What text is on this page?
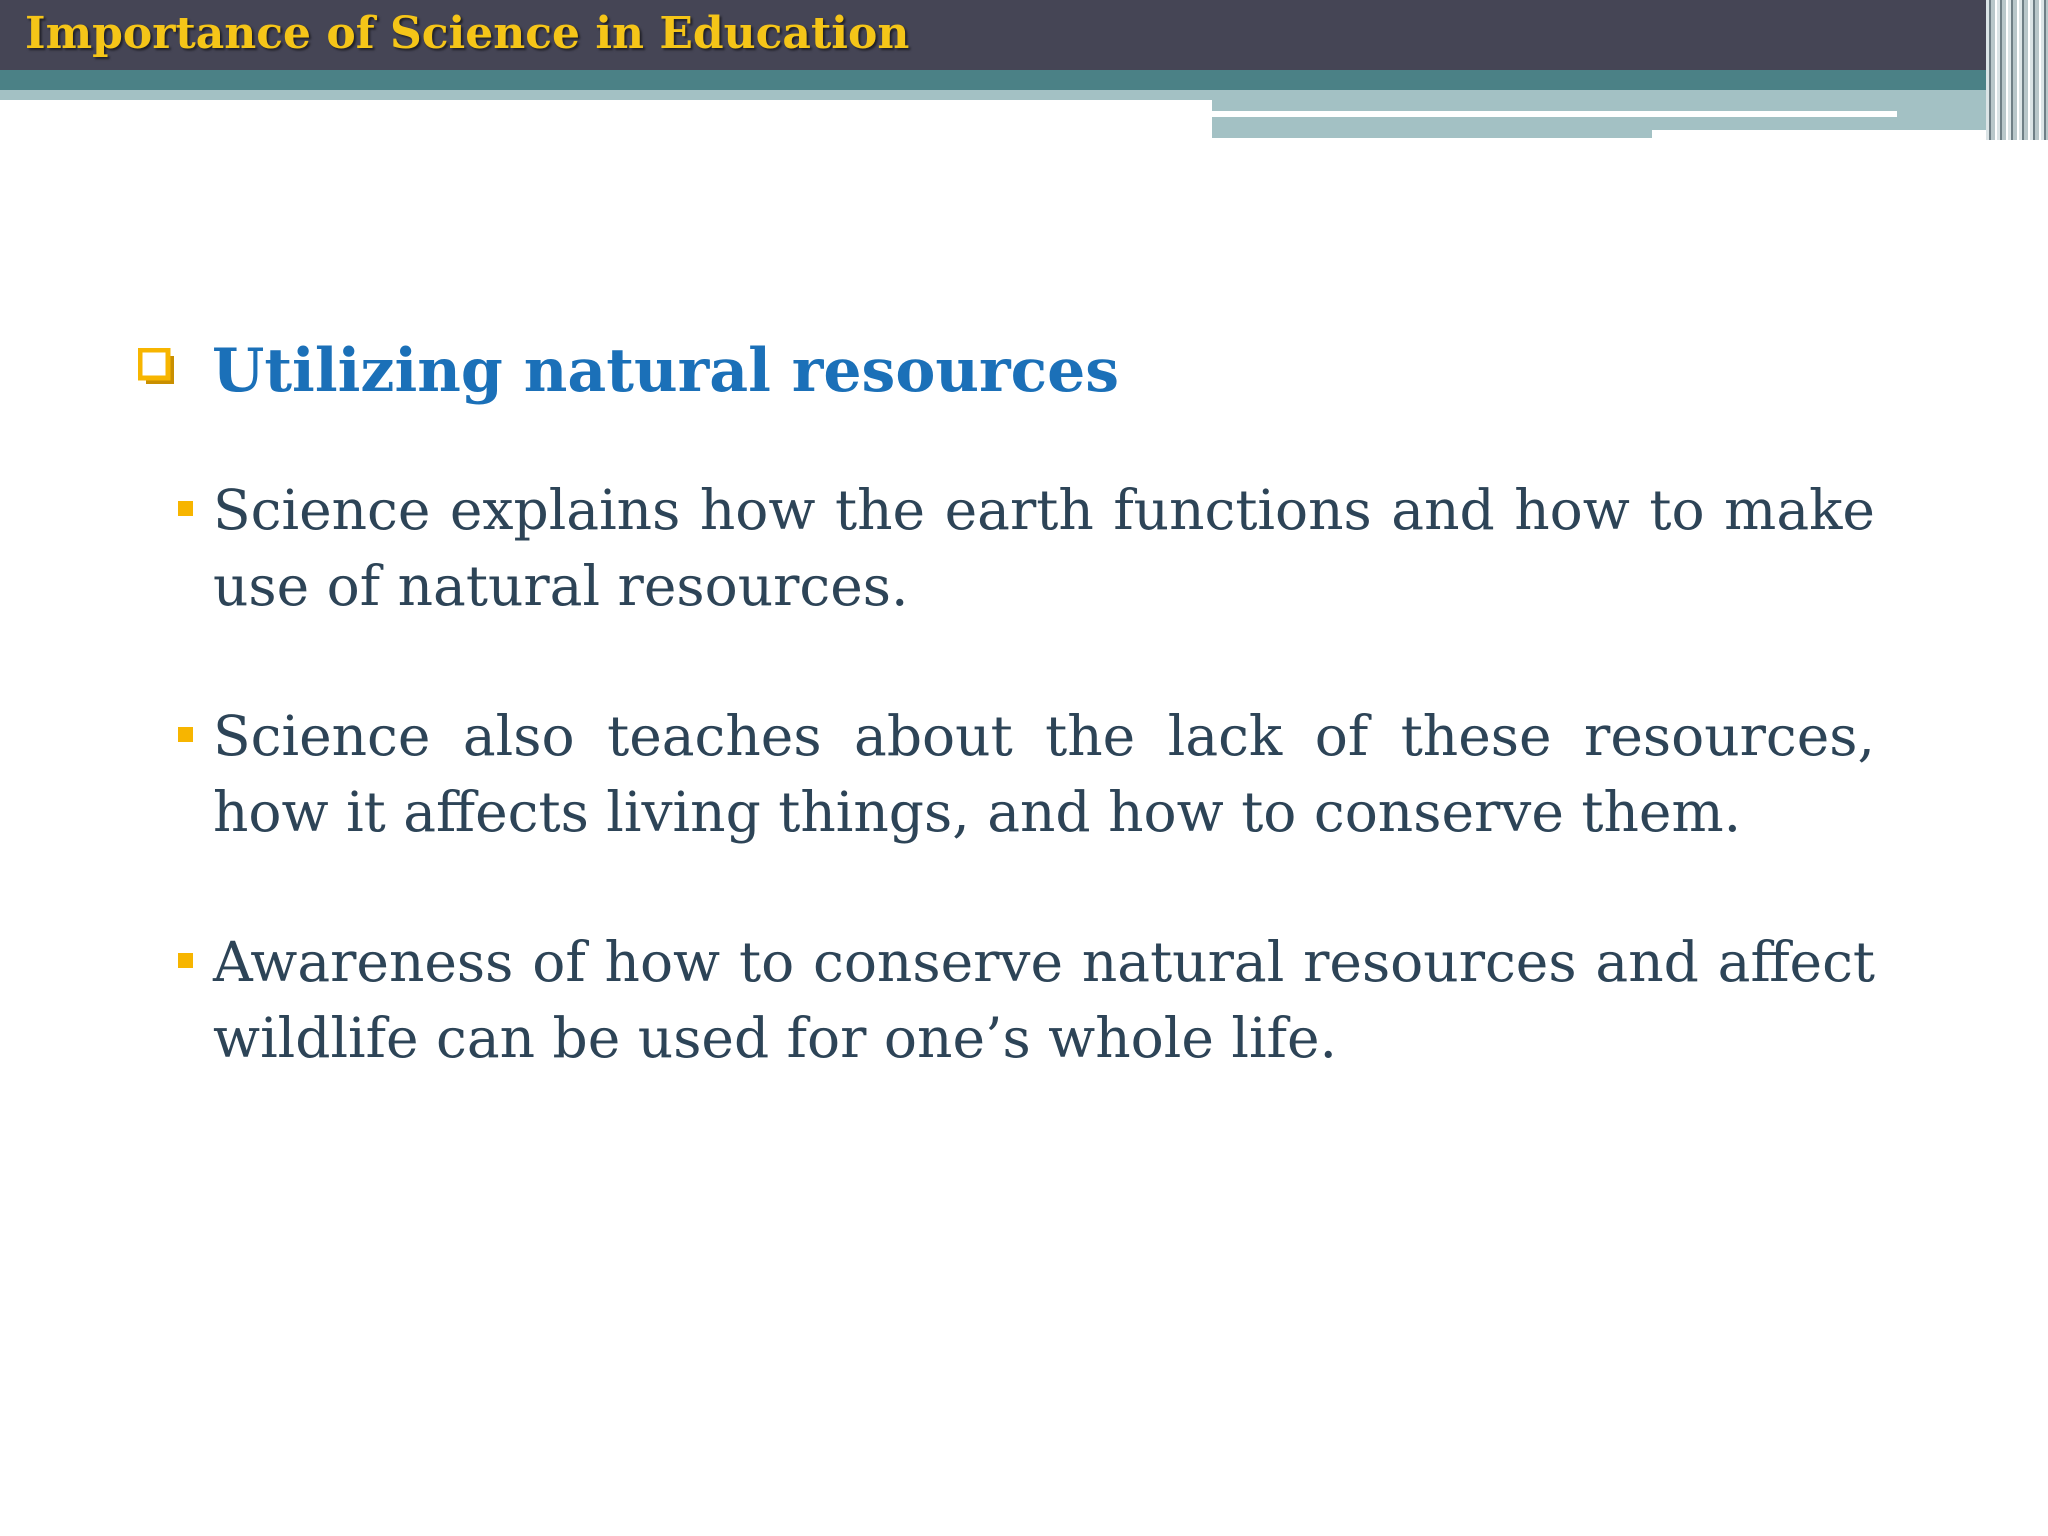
Importance of Science in Education
Utilizing natural resources

Science explains how the earth functions and how to make use of natural resources.

Science also teaches about the lack of these resources, how it affects living things, and how to conserve them.

Awareness of how to conserve natural resources and affect wildlife can be used for one’s whole life.
